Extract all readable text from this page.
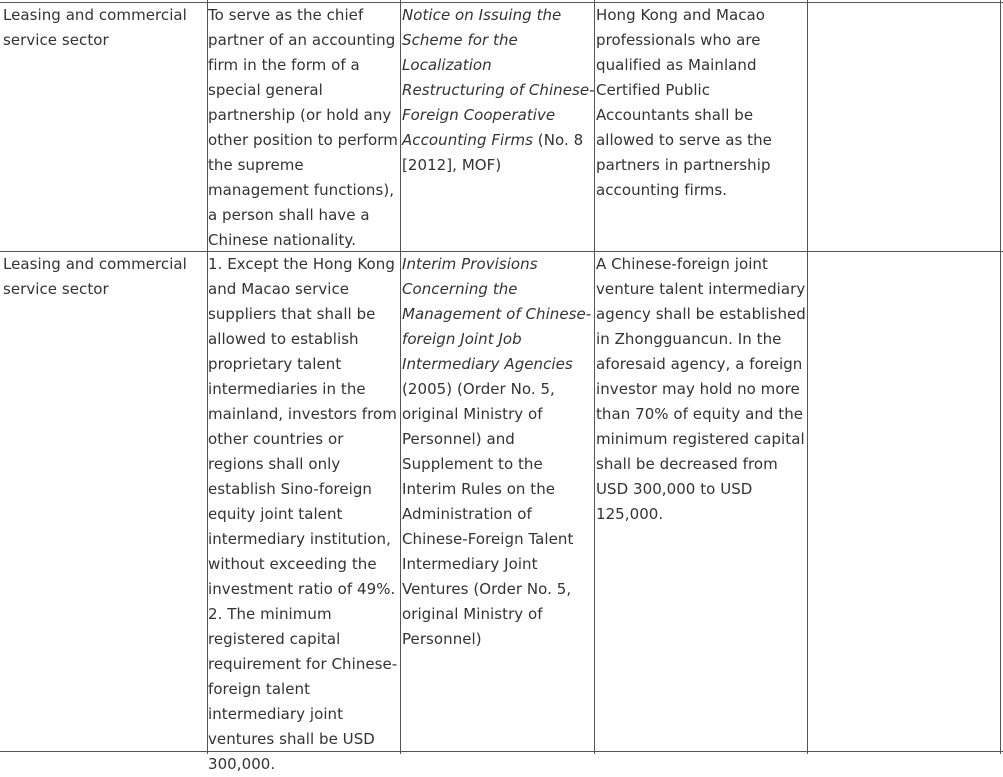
Leasing and commercial service sector
To serve as the chief partner of an accounting firm in the form of a special general partnership (or hold any other position to perform the supreme management functions), a person shall have a Chinese nationality.
Notice on Issuing the Scheme for the Localization Restructuring of Chinese-Foreign Cooperative Accounting Firms (No. 8 [2012], MOF)
Hong Kong and Macao professionals who are qualified as Mainland Certified Public Accountants shall be allowed to serve as the partners in partnership accounting firms.
Leasing and commercial service sector
1. Except the Hong Kong and Macao service suppliers that shall be allowed to establish proprietary talent intermediaries in the mainland, investors from other countries or regions shall only establish Sino-foreign equity joint talent intermediary institution, without exceeding the investment ratio of 49%. 2. The minimum registered capital requirement for Chinese-foreign talent intermediary joint ventures shall be USD 300,000.
Interim Provisions Concerning the Management of Chinese-foreign Joint Job Intermediary Agencies (2005) (Order No. 5, original Ministry of Personnel) and Supplement to the Interim Rules on the Administration of Chinese-Foreign Talent Intermediary Joint Ventures (Order No. 5, original Ministry of Personnel)
A Chinese-foreign joint venture talent intermediary agency shall be established in Zhongguancun. In the aforesaid agency, a foreign investor may hold no more than 70% of equity and the minimum registered capital shall be decreased from USD 300,000 to USD 125,000.
